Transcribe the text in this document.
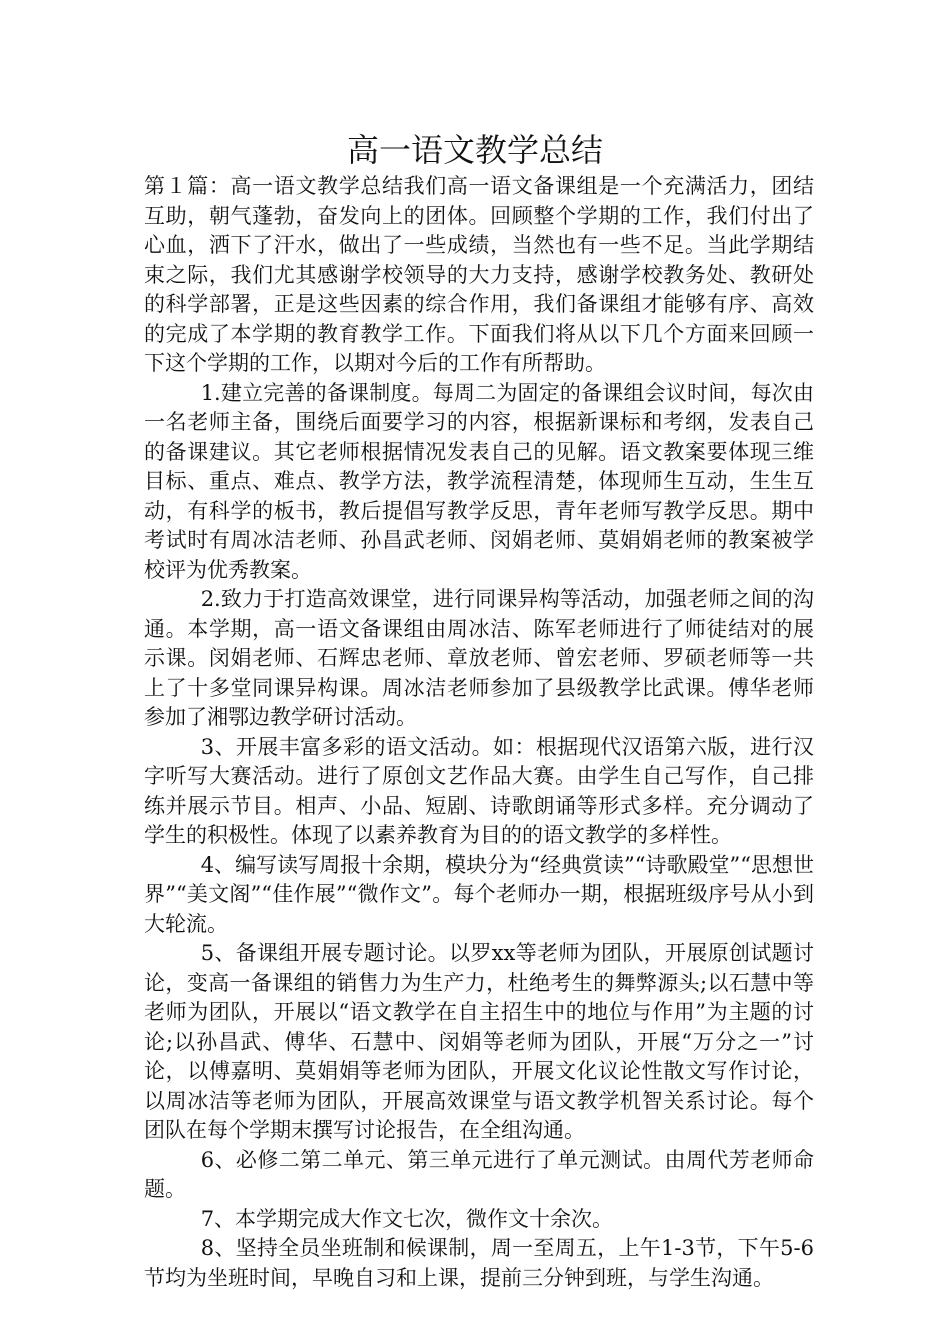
高一语文教学总结

第１篇：高一语文教学总结我们高一语文备课组是一个充满活力，团结互助，朝气蓬勃，奋发向上的团体。回顾整个学期的工作，我们付出了心血，洒下了汗水，做出了一些成绩，当然也有一些不足。当此学期结束之际，我们尤其感谢学校领导的大力支持，感谢学校教务处、教研处的科学部署，正是这些因素的综合作用，我们备课组才能够有序、高效的完成了本学期的教育教学工作。下面我们将从以下几个方面来回顾一下这个学期的工作，以期对今后的工作有所帮助。

1.建立完善的备课制度。每周二为固定的备课组会议时间，每次由一名老师主备，围绕后面要学习的内容，根据新课标和考纲，发表自己的备课建议。其它老师根据情况发表自己的见解。语文教案要体现三维目标、重点、难点、教学方法，教学流程清楚，体现师生互动，生生互动，有科学的板书，教后提倡写教学反思，青年老师写教学反思。期中考试时有周冰洁老师、孙昌武老师、闵娟老师、莫娟娟老师的教案被学校评为优秀教案。

2.致力于打造高效课堂，进行同课异构等活动，加强老师之间的沟通。本学期，高一语文备课组由周冰洁、陈军老师进行了师徒结对的展示课。闵娟老师、石辉忠老师、章放老师、曾宏老师、罗硕老师等一共上了十多堂同课异构课。周冰洁老师参加了县级教学比武课。傅华老师参加了湘鄂边教学研讨活动。

3、开展丰富多彩的语文活动。如：根据现代汉语第六版，进行汉字听写大赛活动。进行了原创文艺作品大赛。由学生自己写作，自己排练并展示节目。相声、小品、短剧、诗歌朗诵等形式多样。充分调动了学生的积极性。体现了以素养教育为目的的语文教学的多样性。

4、编写读写周报十余期，模块分为“经典赏读”“诗歌殿堂”“思想世界”“美文阁”“佳作展”“微作文”。每个老师办一期，根据班级序号从小到大轮流。

5、备课组开展专题讨论。以罗xx等老师为团队，开展原创试题讨论，变高一备课组的销售力为生产力，杜绝考生的舞弊源头;以石慧中等老师为团队，开展以“语文教学在自主招生中的地位与作用”为主题的讨论;以孙昌武、傅华、石慧中、闵娟等老师为团队，开展“万分之一”讨论，以傅嘉明、莫娟娟等老师为团队，开展文化议论性散文写作讨论，以周冰洁等老师为团队，开展高效课堂与语文教学机智关系讨论。每个团队在每个学期末撰写讨论报告，在全组沟通。

6、必修二第二单元、第三单元进行了单元测试。由周代芳老师命题。

7、本学期完成大作文七次，微作文十余次。

8、坚持全员坐班制和候课制，周一至周五，上午1-3节，下午5-6节均为坐班时间，早晚自习和上课，提前三分钟到班，与学生沟通。
